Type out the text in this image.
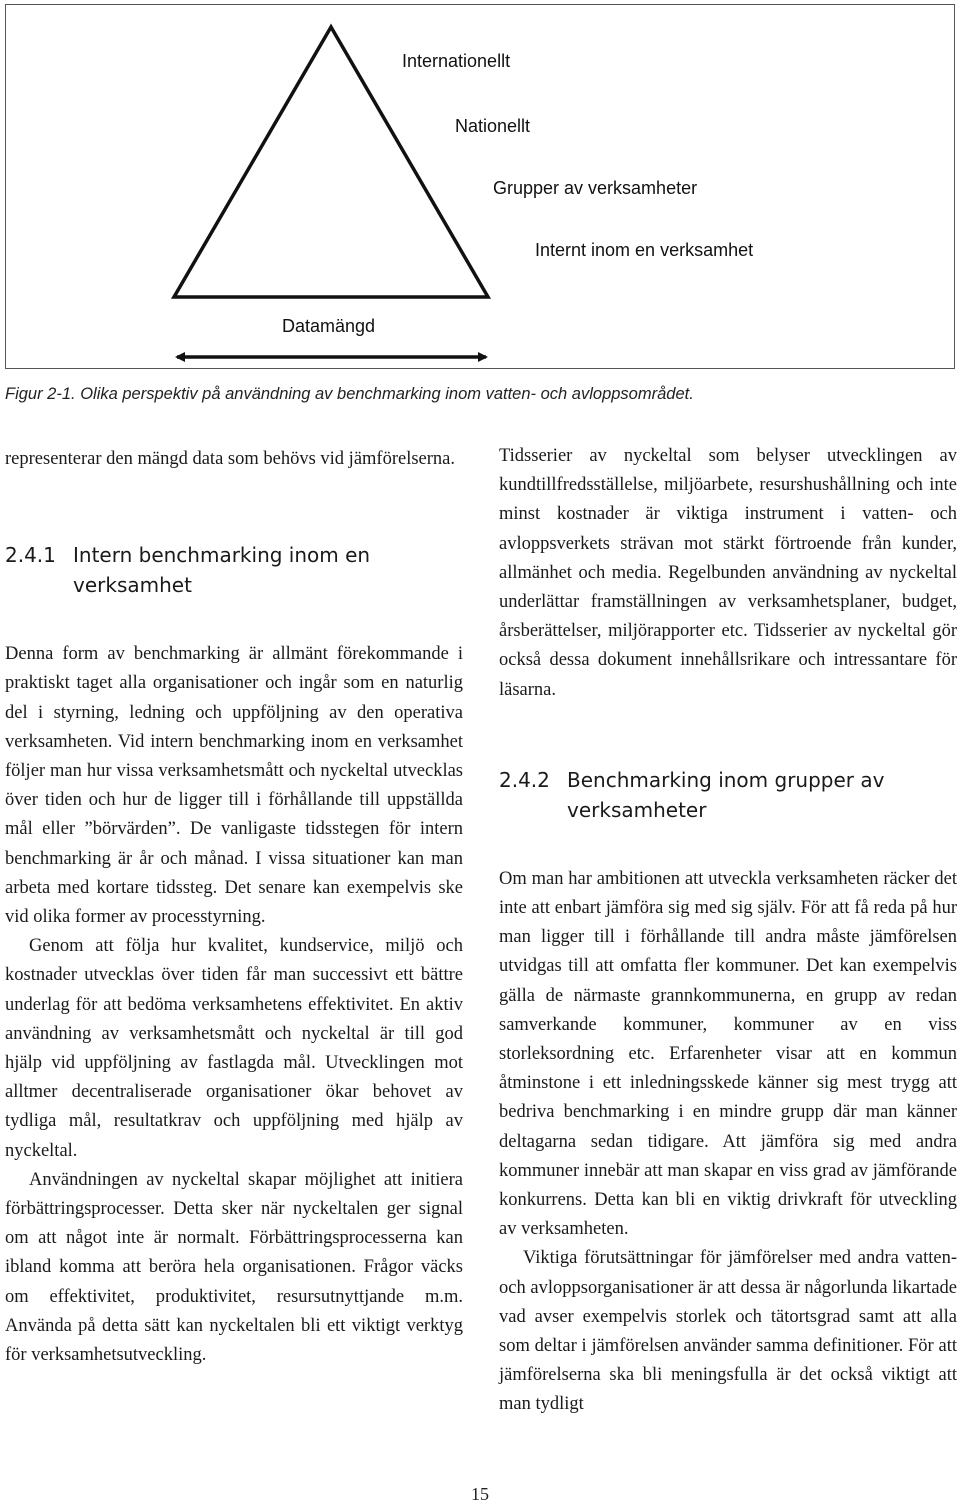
Internationellt
Nationellt
Grupper av verksamheter
Internt inom en verksamhet
Datamängd
Figur 2-1. Olika perspektiv på användning av benchmarking inom vatten- och avloppsområdet.

representerar den mängd data som behövs vid jämförelserna.

2.4.1 Intern benchmarking inom en verksamhet

Denna form av benchmarking är allmänt förekommande i praktiskt taget alla organisationer och ingår som en naturlig del i styrning, ledning och uppföljning av den operativa verksamheten. Vid intern benchmarking inom en verksamhet följer man hur vissa verksamhetsmått och nyckeltal utvecklas över tiden och hur de ligger till i förhållande till uppställda mål eller ”börvärden”. De vanligaste tidsstegen för intern benchmarking är år och månad. I vissa situationer kan man arbeta med kortare tidssteg. Det senare kan exempelvis ske vid olika former av processtyrning.

Genom att följa hur kvalitet, kundservice, miljö och kostnader utvecklas över tiden får man successivt ett bättre underlag för att bedöma verksamhetens effektivitet. En aktiv användning av verksamhetsmått och nyckeltal är till god hjälp vid uppföljning av fastlagda mål. Utvecklingen mot alltmer decentraliserade organisationer ökar behovet av tydliga mål, resultatkrav och uppföljning med hjälp av nyckeltal.

Användningen av nyckeltal skapar möjlighet att initiera förbättringsprocesser. Detta sker när nyckeltalen ger signal om att något inte är normalt. Förbättringsprocesserna kan ibland komma att beröra hela organisationen. Frågor väcks om effektivitet, produktivitet, resursutnyttjande m.m. Använda på detta sätt kan nyckeltalen bli ett viktigt verktyg för verksamhetsutveckling.

Tidsserier av nyckeltal som belyser utvecklingen av kundtillfredsställelse, miljöarbete, resurshushållning och inte minst kostnader är viktiga instrument i vatten- och avloppsverkets strävan mot stärkt förtroende från kunder, allmänhet och media. Regelbunden användning av nyckeltal underlättar framställningen av verksamhetsplaner, budget, årsberättelser, miljörapporter etc. Tidsserier av nyckeltal gör också dessa dokument innehållsrikare och intressantare för läsarna.

2.4.2 Benchmarking inom grupper av verksamheter

Om man har ambitionen att utveckla verksamheten räcker det inte att enbart jämföra sig med sig själv. För att få reda på hur man ligger till i förhållande till andra måste jämförelsen utvidgas till att omfatta fler kommuner. Det kan exempelvis gälla de närmaste grannkommunerna, en grupp av redan samverkande kommuner, kommuner av en viss storleksordning etc. Erfarenheter visar att en kommun åtminstone i ett inledningsskede känner sig mest trygg att bedriva benchmarking i en mindre grupp där man känner deltagarna sedan tidigare. Att jämföra sig med andra kommuner innebär att man skapar en viss grad av jämförande konkurrens. Detta kan bli en viktig drivkraft för utveckling av verksamheten.

Viktiga förutsättningar för jämförelser med andra vatten- och avloppsorganisationer är att dessa är någorlunda likartade vad avser exempelvis storlek och tätortsgrad samt att alla som deltar i jämförelsen använder samma definitioner. För att jämförelserna ska bli meningsfulla är det också viktigt att man tydligt

15
